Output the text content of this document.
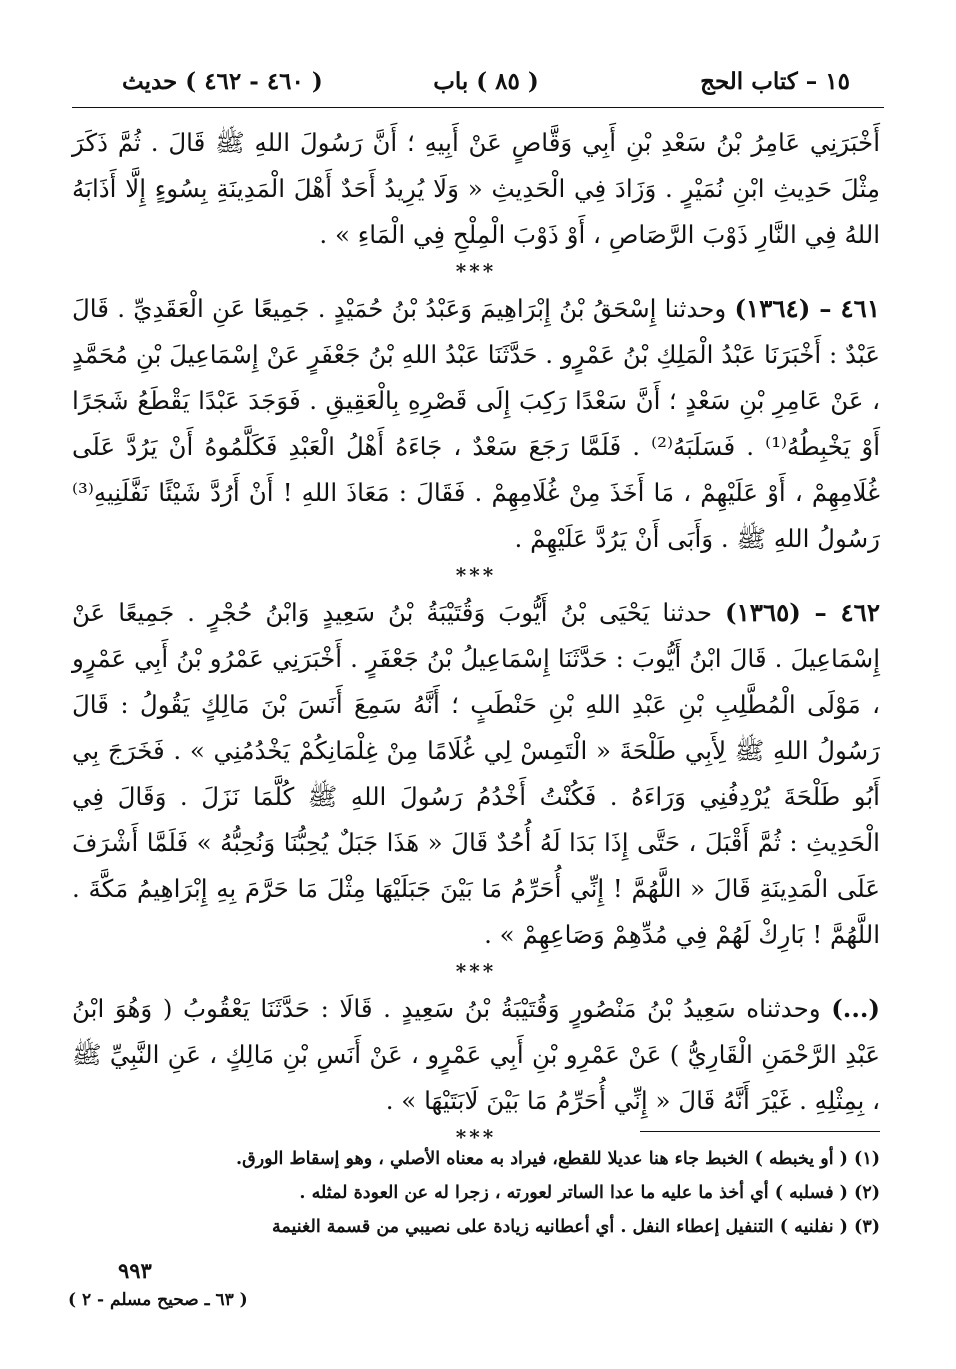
١٥ – كتاب الحج
( ٨٥ ) باب
( ٤٦٠ - ٤٦٢ ) حديث

أَخْبَرَنِي عَامِرُ بْنُ سَعْدِ بْنِ أَبِي وَقَّاصٍ عَنْ أَبِيهِ ؛ أَنَّ رَسُولَ اللهِ ﷺ قَالَ . ثُمَّ ذَكَرَ مِثْلَ حَدِيثِ ابْنِ نُمَيْرٍ . وَزَادَ فِي الْحَدِيثِ « وَلَا يُرِيدُ أَحَدٌ أَهْلَ الْمَدِينَةِ بِسُوءٍ إِلَّا أَذَابَهُ اللهُ فِي النَّارِ ذَوْبَ الرَّصَاصِ ، أَوْ ذَوْبَ الْمِلْحِ فِي الْمَاءِ » .

***

٤٦١ – (١٣٦٤) وحدثنا إِسْحَقُ بْنُ إِبْرَاهِيمَ وَعَبْدُ بْنُ حُمَيْدٍ . جَمِيعًا عَنِ الْعَقَدِيِّ . قَالَ عَبْدٌ : أَخْبَرَنَا عَبْدُ الْمَلِكِ بْنُ عَمْرٍو . حَدَّثَنَا عَبْدُ اللهِ بْنُ جَعْفَرٍ عَنْ إِسْمَاعِيلَ بْنِ مُحَمَّدٍ ، عَنْ عَامِرِ بْنِ سَعْدٍ ؛ أَنَّ سَعْدًا رَكِبَ إِلَى قَصْرِهِ بِالْعَقِيقِ . فَوَجَدَ عَبْدًا يَقْطَعُ شَجَرًا أَوْ يَخْبِطُهُ⁽¹⁾ . فَسَلَبَهُ⁽²⁾ . فَلَمَّا رَجَعَ سَعْدٌ ، جَاءَهُ أَهْلُ الْعَبْدِ فَكَلَّمُوهُ أَنْ يَرُدَّ عَلَى غُلَامِهِمْ ، أَوْ عَلَيْهِمْ ، مَا أَخَذَ مِنْ غُلَامِهِمْ . فَقَالَ : مَعَاذَ اللهِ ! أَنْ أَرُدَّ شَيْئًا نَفَّلَنِيهِ⁽³⁾ رَسُولُ اللهِ ﷺ . وَأَبَى أَنْ يَرُدَّ عَلَيْهِمْ .

***

٤٦٢ – (١٣٦٥) حدثنا يَحْيَى بْنُ أَيُّوبَ وَقُتَيْبَةُ بْنُ سَعِيدٍ وَابْنُ حُجْرٍ . جَمِيعًا عَنْ إِسْمَاعِيلَ . قَالَ ابْنُ أَيُّوبَ : حَدَّثَنَا إِسْمَاعِيلُ بْنُ جَعْفَرٍ . أَخْبَرَنِي عَمْرُو بْنُ أَبِي عَمْرٍو ، مَوْلَى الْمُطَّلِبِ بْنِ عَبْدِ اللهِ بْنِ حَنْطَبٍ ؛ أَنَّهُ سَمِعَ أَنَسَ بْنَ مَالِكٍ يَقُولُ : قَالَ رَسُولُ اللهِ ﷺ لِأَبِي طَلْحَةَ « الْتَمِسْ لِي غُلَامًا مِنْ غِلْمَانِكُمْ يَخْدُمُنِي » . فَخَرَجَ بِي أَبُو طَلْحَةَ يُرْدِفُنِي وَرَاءَهُ . فَكُنْتُ أَخْدُمُ رَسُولَ اللهِ ﷺ كُلَّمَا نَزَلَ . وَقَالَ فِي الْحَدِيثِ : ثُمَّ أَقْبَلَ ، حَتَّى إِذَا بَدَا لَهُ أُحُدٌ قَالَ « هَذَا جَبَلٌ يُحِبُّنَا وَنُحِبُّهُ » فَلَمَّا أَشْرَفَ عَلَى الْمَدِينَةِ قَالَ « اللَّهُمَّ ! إِنِّي أُحَرِّمُ مَا بَيْنَ جَبَلَيْهَا مِثْلَ مَا حَرَّمَ بِهِ إِبْرَاهِيمُ مَكَّةَ . اللَّهُمَّ ! بَارِكْ لَهُمْ فِي مُدِّهِمْ وَصَاعِهِمْ » .

***

(...) وحدثناه سَعِيدُ بْنُ مَنْصُورٍ وَقُتَيْبَةُ بْنُ سَعِيدٍ . قَالَا : حَدَّثَنَا يَعْقُوبُ ( وَهُوَ ابْنُ عَبْدِ الرَّحْمَنِ الْقَارِيُّ ) عَنْ عَمْرِو بْنِ أَبِي عَمْرٍو ، عَنْ أَنَسِ بْنِ مَالِكٍ ، عَنِ النَّبِيِّ ﷺ ، بِمِثْلِهِ . غَيْرَ أَنَّهُ قَالَ « إِنِّي أُحَرِّمُ مَا بَيْنَ لَابَتَيْهَا » .

***

(١) ( أو يخبطه ) الخبط جاء هنا عديلا للقطع، فيراد به معناه الأصلي ، وهو إسقاط الورق.

(٢) ( فسلبه ) أي أخذ ما عليه ما عدا الساتر لعورته ، زجرا له عن العودة لمثله .

(٣) ( نفلنيه ) التنفيل إعطاء النفل . أي أعطانيه زيادة على نصيبي من قسمة الغنيمة

٩٩٣
( ٦٣ ـ صحيح مسلم - ٢ )
